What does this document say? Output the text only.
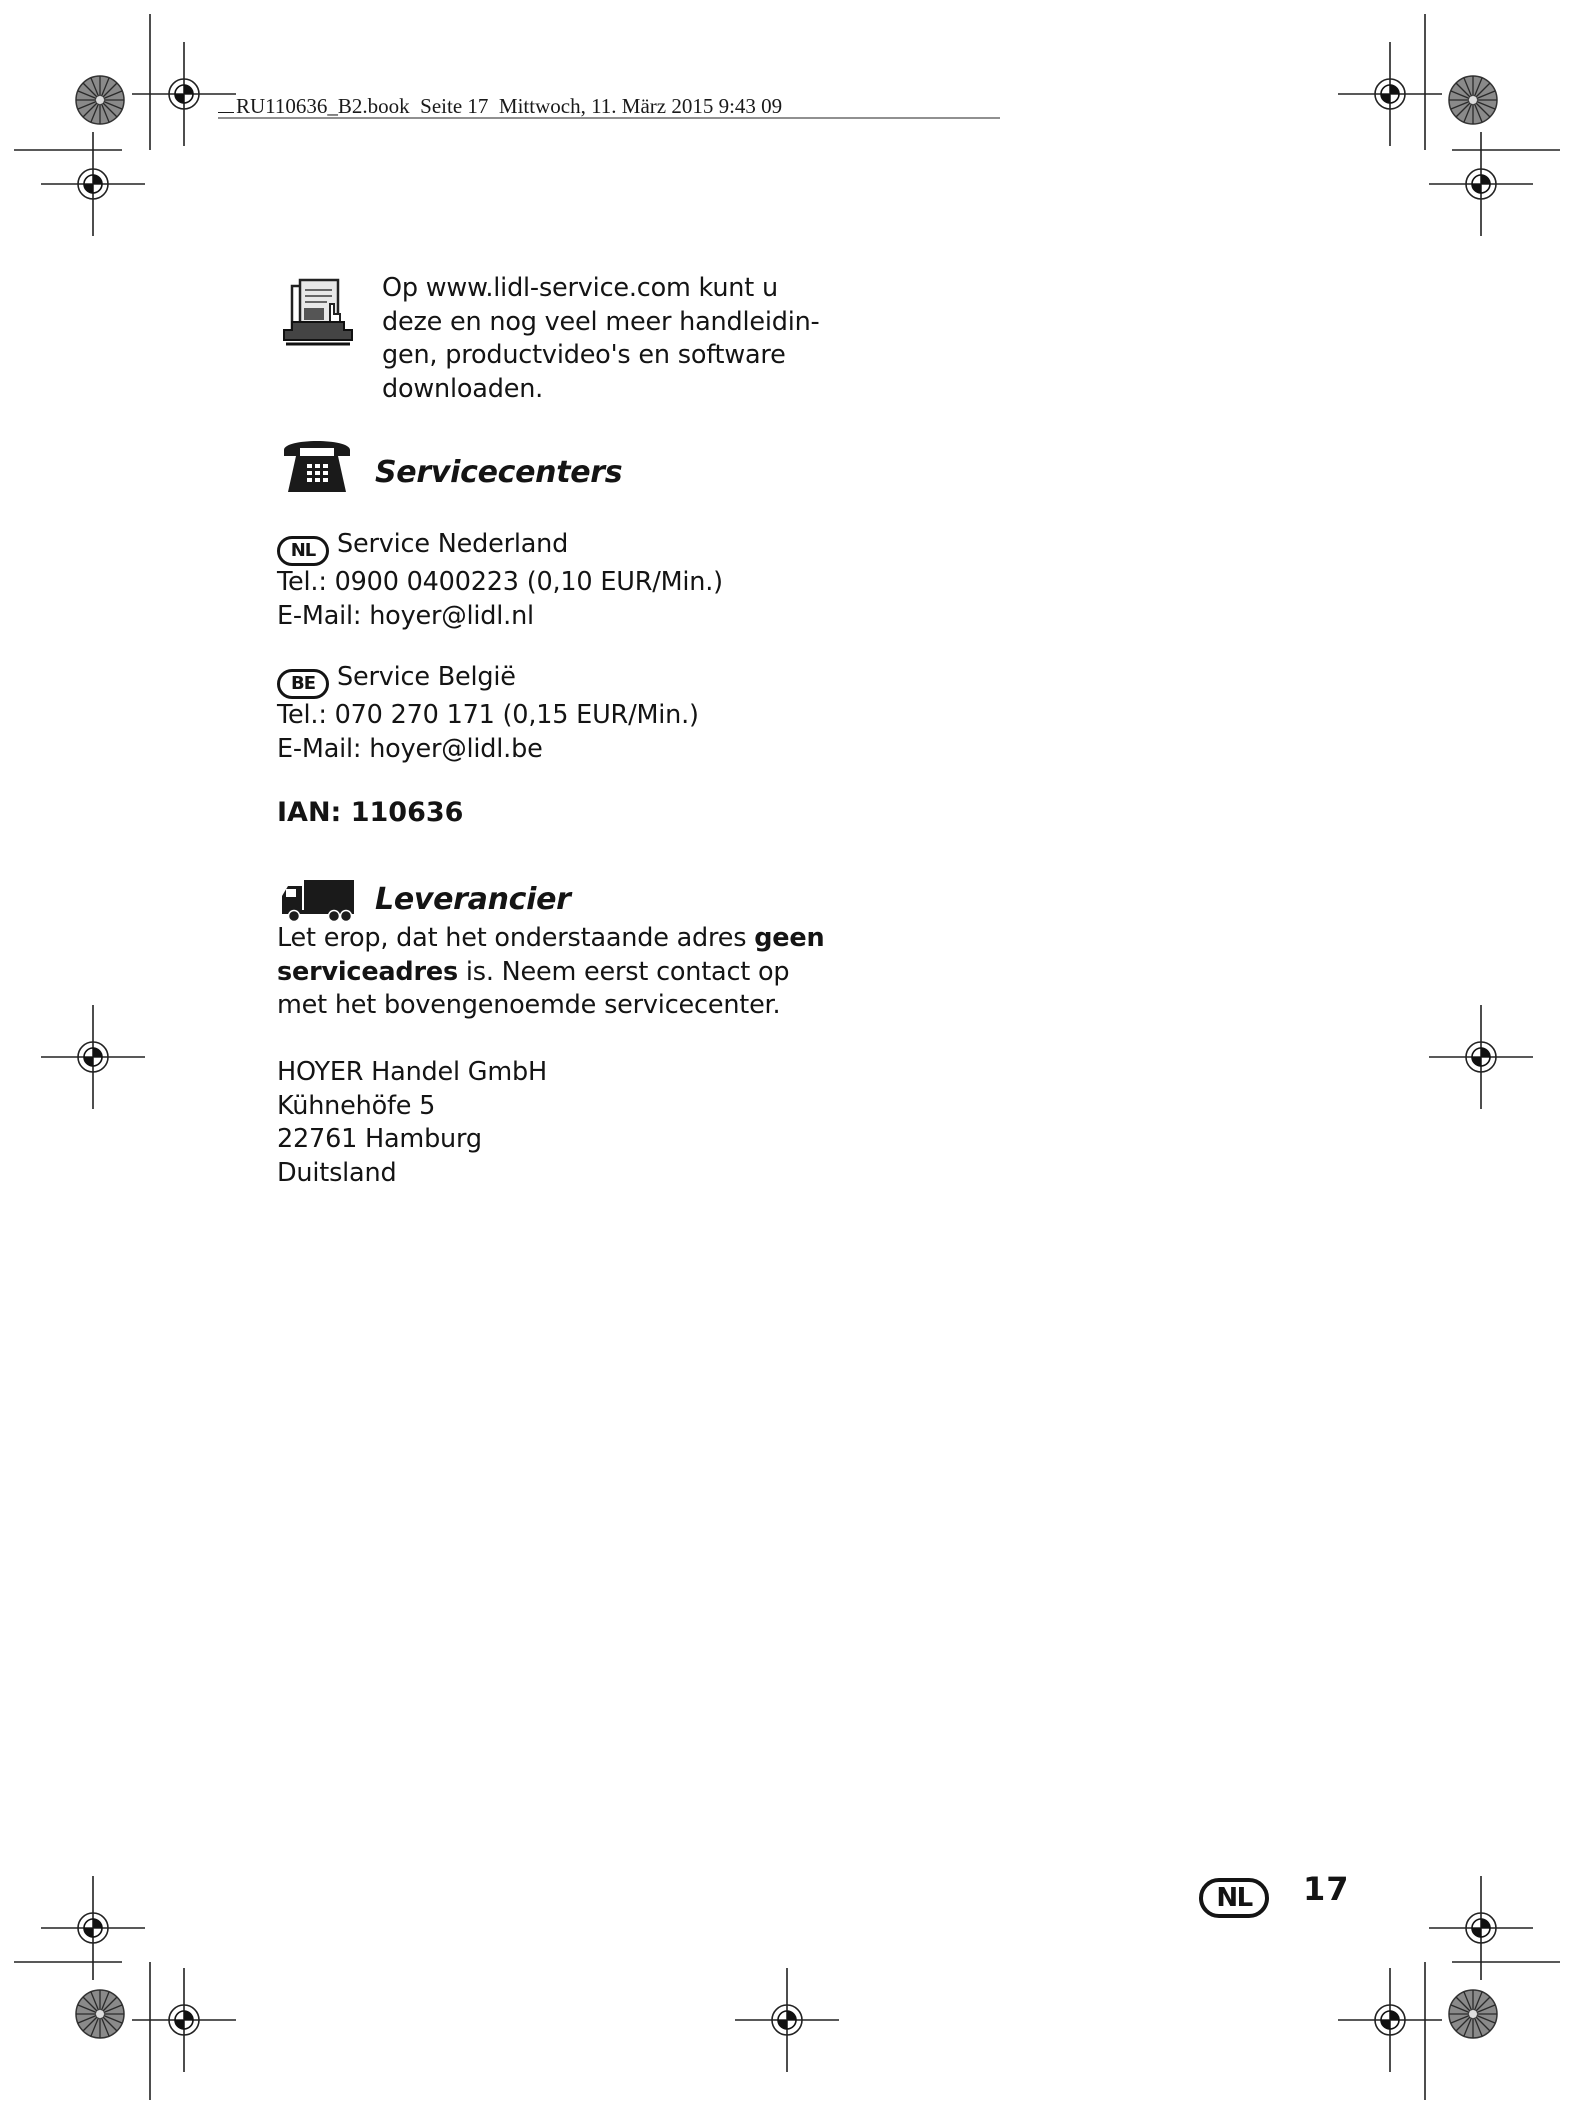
RU110636_B2.book Seite 17 Mittwoch, 11. März 2015 9:43 09
Op www.lidl-service.com kunt u
deze en nog veel meer handleidin-
gen, productvideo's en software
downloaden.
Servicecenters
NL Service Nederland
Tel.: 0900 0400223 (0,10 EUR/Min.)
E-Mail: hoyer@lidl.nl
BE Service België
Tel.: 070 270 171 (0,15 EUR/Min.)
E-Mail: hoyer@lidl.be
IAN: 110636
Leverancier
Let erop, dat het onderstaande adres geen
serviceadres is. Neem eerst contact op
met het bovengenoemde servicecenter.
HOYER Handel GmbH
Kühnehöfe 5
22761 Hamburg
Duitsland
NL	17
